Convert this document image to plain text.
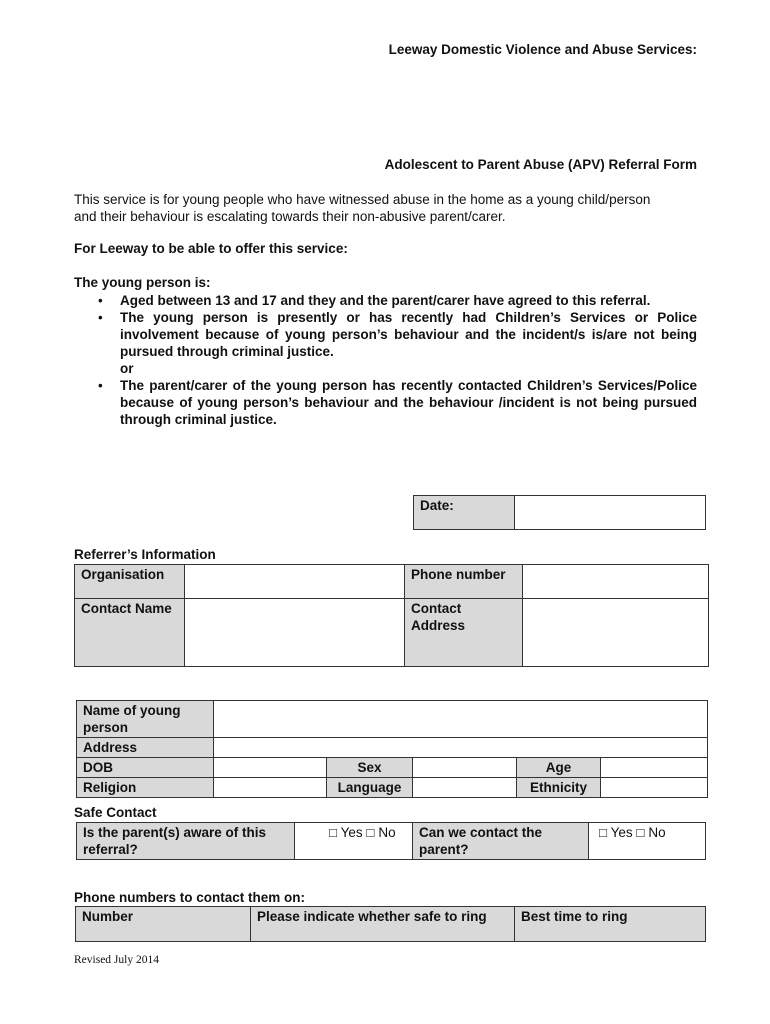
Leeway Domestic Violence and Abuse Services:
Adolescent to Parent Abuse (APV) Referral Form
This service is for young people who have witnessed abuse in the home as a young child/person and their behaviour is escalating towards their non-abusive parent/carer.
For Leeway to be able to offer this service:
The young person is:
• Aged between 13 and 17 and they and the parent/carer have agreed to this referral.
• The young person is presently or has recently had Children’s Services or Police involvement because of young person’s behaviour and the incident/s is/are not being pursued through criminal justice.
or
• The parent/carer of the young person has recently contacted Children’s Services/Police because of young person’s behaviour and the behaviour /incident is not being pursued through criminal justice.
Date:	
Referrer’s Information
Organisation		Phone number	
Contact Name		Contact Address	
Name of young person					
Address					
DOB		Sex		Age	
Religion		Language		Ethnicity	
Safe Contact
Is the parent(s) aware of this referral?	□ Yes □ No	Can we contact the parent?	□ Yes □ No
Phone numbers to contact them on:
Number	Please indicate whether safe to ring	Best time to ring
Revised July 2014
